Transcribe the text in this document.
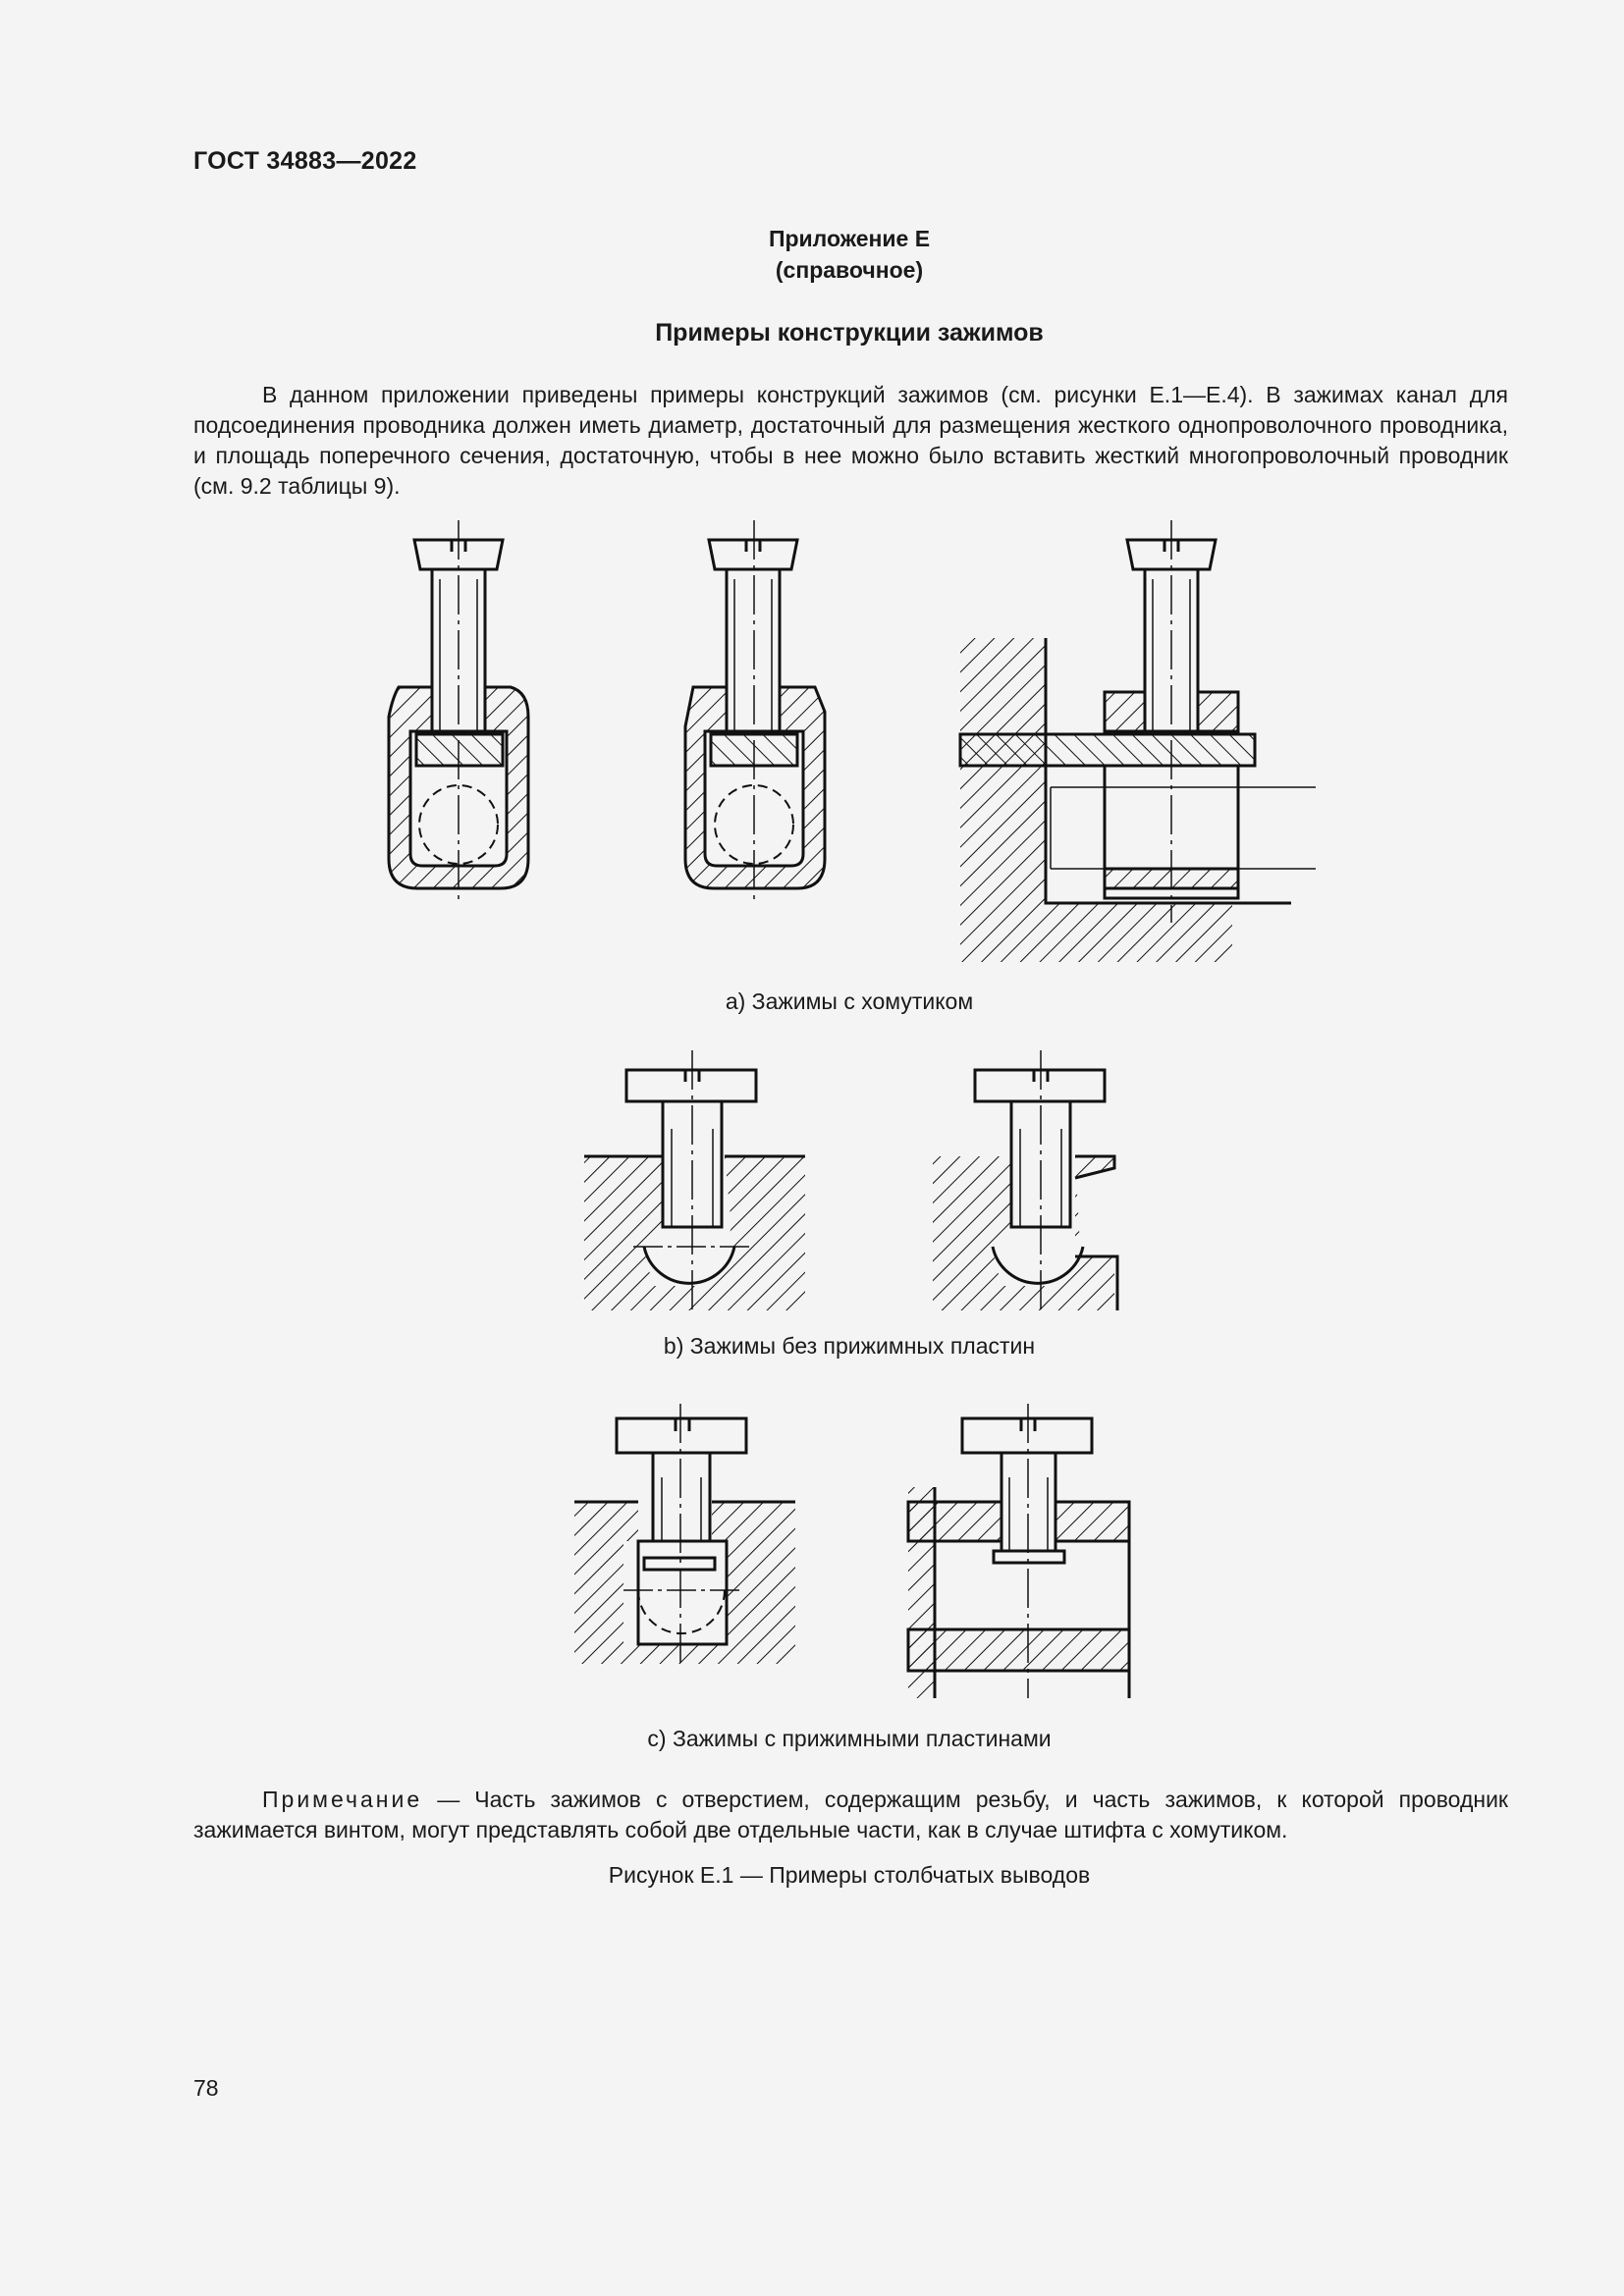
ГОСТ 34883—2022
Приложение Е
(справочное)
Примеры конструкции зажимов

В данном приложении приведены примеры конструкций зажимов (см. рисунки Е.1—Е.4). В зажимах канал для подсоединения проводника должен иметь диаметр, достаточный для размещения жесткого однопроволочного проводника, и площадь поперечного сечения, достаточную, чтобы в нее можно было вставить жесткий многопроволочный проводник (см. 9.2 таблицы 9).

а) Зажимы с хомутиком
b) Зажимы без прижимных пластин
с) Зажимы с прижимными пластинами

Примечание — Часть зажимов с отверстием, содержащим резьбу, и часть зажимов, к которой проводник зажимается винтом, могут представлять собой две отдельные части, как в случае штифта с хомутиком.

Рисунок Е.1 — Примеры столбчатых выводов
78
